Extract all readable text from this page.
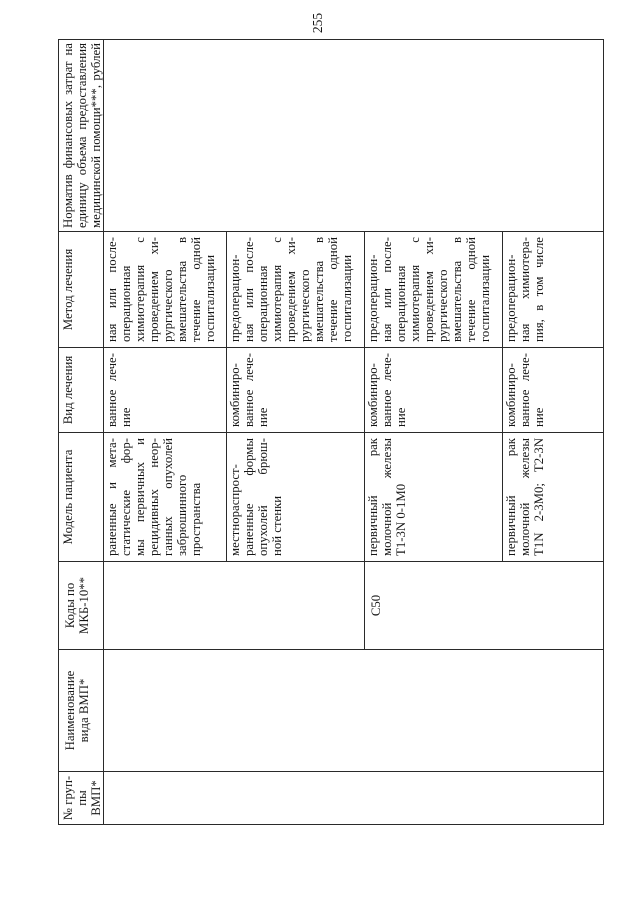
255
№ груп- пы ВМП*
Наименование вида ВМП*
Коды по МКБ-10**
Модель пациента
Вид лечения
Метод лечения
Норматив финансовых затрат на единицу объема предоставления медицинской помощи***, рублей
C50
раненные и мета- статические фор- мы первичных и рецидивных неор- ганных опухолей забрюшинного пространства
ванное лече- ние
ная или после- операционная химиотерапия с проведением хи- рургического вмешательства в течение одной госпитализации
местнораспрост- раненные формы опухолей брюш- ной стенки
комбиниро- ванное лече- ние
предоперацион- ная или после- операционная химиотерапия с проведением хи- рургического вмешательства в течение одной госпитализации
первичный рак молочной железы T1-3N 0-1M0
комбиниро- ванное лече- ние
предоперацион- ная или после- операционная химиотерапия с проведением хи- рургического вмешательства в течение одной госпитализации
первичный рак молочной железы T1N 2-3M0; T2-3N
комбиниро- ванное лече- ние
предоперацион- ная химиотера- пия, в том числе
